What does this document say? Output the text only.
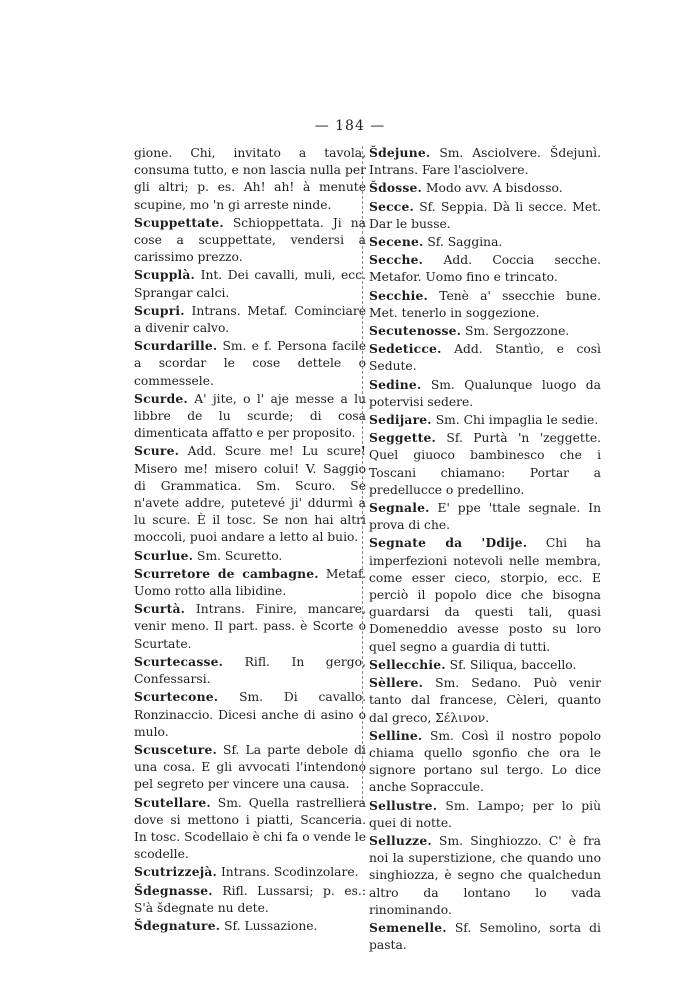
— 184 —

gione. Chi, invitato a tavola, consuma tutto, e non lascia nulla per gli altri; p. es. Ah! ah! à menute scupine, mo 'n gi arreste ninde.

Scuppettate. Schioppettata. Ji na cose a scuppettate, vendersi a carissimo prezzo.

Scupplà. Int. Dei cavalli, muli, ecc. Sprangar calci.

Scupri. Intrans. Metaf. Cominciare a divenir calvo.

Scurdarille. Sm. e f. Persona facile a scordar le cose dettele o commessele.

Scurde. A' jite, o l' aje messe a lu libbre de lu scurde; di cosa dimenticata affatto e per proposito.

Scure. Add. Scure me! Lu scure! Misero me! misero colui! V. Saggio di Grammatica. Sm. Scuro. Se n'avete addre, putetevé ji' ddurmì a lu scure. È il tosc. Se non hai altri moccoli, puoi andare a letto al buio.

Scurlue. Sm. Scuretto.

Scurretore de cambagne. Metaf. Uomo rotto alla libidine.

Scurtà. Intrans. Finire, mancare, venir meno. Il part. pass. è Scorte o Scurtate.

Scurtecasse. Rifl. In gergo, Confessarsi.

Scurtecone. Sm. Di cavallo. Ronzinaccio. Dicesi anche di asino o mulo.

Scusceture. Sf. La parte debole di una cosa. E gli avvocati l'intendono pel segreto per vincere una causa.

Scutellare. Sm. Quella rastrelliera dove si mettono i piatti, Scanceria. In tosc. Scodellaio è chi fa o vende le scodelle.

Scutrizzejà. Intrans. Scodinzolare.

Šdegnasse. Rifl. Lussarsi; p. es.: S'à šdegnate nu dete.

Šdegnature. Sf. Lussazione.

Šdejune. Sm. Asciolvere. Šdejunì. Intrans. Fare l'asciolvere.

Šdosse. Modo avv. A bisdosso.

Secce. Sf. Seppia. Dà li secce. Met. Dar le busse.

Secene. Sf. Saggina.

Secche. Add. Coccia secche. Metafor. Uomo fino e trincato.

Secchie. Tenè a' ssecchie bune. Met. tenerlo in soggezione.

Secutenosse. Sm. Sergozzone.

Sedeticce. Add. Stantìo, e così Sedute.

Sedine. Sm. Qualunque luogo da potervisi sedere.

Sedijare. Sm. Chi impaglia le sedie.

Seggette. Sf. Purtà 'n 'zeggette. Quel giuoco bambinesco che i Toscani chiamano: Portar a predellucce o predellino.

Segnale. E' ppe 'ttale segnale. In prova di che.

Segnate da 'Ddije. Chi ha imperfezioni notevoli nelle membra, come esser cieco, storpio, ecc. E perciò il popolo dice che bisogna guardarsi da questi tali, quasi Domeneddio avesse posto su loro quel segno a guardia di tutti.

Sellecchie. Sf. Siliqua, baccello.

Sèllere. Sm. Sedano. Può venir tanto dal francese, Cèleri, quanto dal greco, Σέλινον.

Selline. Sm. Così il nostro popolo chiama quello sgonfio che ora le signore portano sul tergo. Lo dice anche Sopraccule.

Sellustre. Sm. Lampo; per lo più quei di notte.

Selluzze. Sm. Singhiozzo. C' è fra noi la superstizione, che quando uno singhiozza, è segno che qualchedun altro da lontano lo vada rinominando.

Semenelle. Sf. Semolino, sorta di pasta.
